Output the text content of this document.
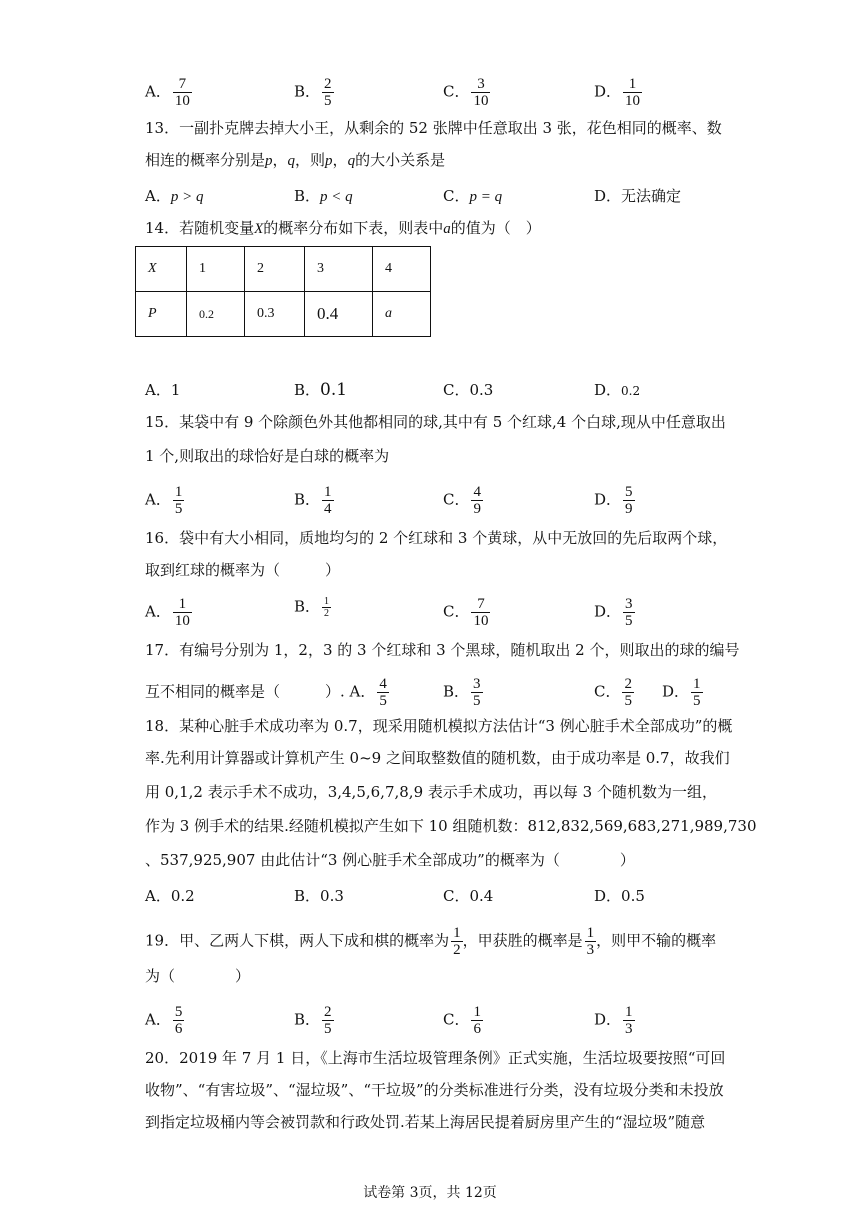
A． $\frac{7}{10}$	B． $\frac{2}{5}$	C． $\frac{3}{10}$	D． $\frac{1}{10}$
13．一副扑克牌去掉大小王，从剩余的 52 张牌中任意取出 3 张，花色相同的概率、数
相连的概率分别是p，q，则p，q的大小关系是
A．p > q	B．p < q	C．p = q	D．无法确定
14．若随机变量X的概率分布如下表，则表中a的值为（　）
X	1	2	3	4
P	0.2	0.3	0.4	a
A．1	B．0.1	C．0.3	D．0.2
15．某袋中有 9 个除颜色外其他都相同的球,其中有 5 个红球,4 个白球,现从中任意取出
1 个,则取出的球恰好是白球的概率为
A． $\frac{1}{5}$	B． $\frac{1}{4}$	C． $\frac{4}{9}$	D． $\frac{5}{9}$
16．袋中有大小相同，质地均匀的 2 个红球和 3 个黄球，从中无放回的先后取两个球，
取到红球的概率为（　　　）
A． $\frac{1}{10}$	B． $\frac{1}{2}$	C． $\frac{7}{10}$	D． $\frac{3}{5}$
17．有编号分别为 1，2，3 的 3 个红球和 3 个黑球，随机取出 2 个，则取出的球的编号
互不相同的概率是（　　　）. A． $\frac{4}{5}$	B． $\frac{3}{5}$	C． $\frac{2}{5}$ D． $\frac{1}{5}$
18．某种心脏手术成功率为 0.7，现采用随机模拟方法估计“3 例心脏手术全部成功”的概
率.先利用计算器或计算机产生 0~9 之间取整数值的随机数，由于成功率是 0.7，故我们
用 0,1,2 表示手术不成功，3,4,5,6,7,8,9 表示手术成功，再以每 3 个随机数为一组，
作为 3 例手术的结果.经随机模拟产生如下 10 组随机数：812,832,569,683,271,989,730
、537,925,907 由此估计“3 例心脏手术全部成功”的概率为（　　　　）
A．0.2	B．0.3	C．0.4	D．0.5
19．甲、乙两人下棋，两人下成和棋的概率为 $\frac{1}{2}$ ，甲获胜的概率是 $\frac{1}{3}$ ，则甲不输的概率
为（　　　　）
A． $\frac{5}{6}$	B． $\frac{2}{5}$	C． $\frac{1}{6}$	D． $\frac{1}{3}$
20．2019 年 7 月 1 日，《上海市生活垃圾管理条例》正式实施，生活垃圾要按照“可回
收物”、“有害垃圾”、“湿垃圾”、“干垃圾”的分类标准进行分类，没有垃圾分类和未投放
到指定垃圾桶内等会被罚款和行政处罚.若某上海居民提着厨房里产生的“湿垃圾”随意
试卷第 3页，共 12页
